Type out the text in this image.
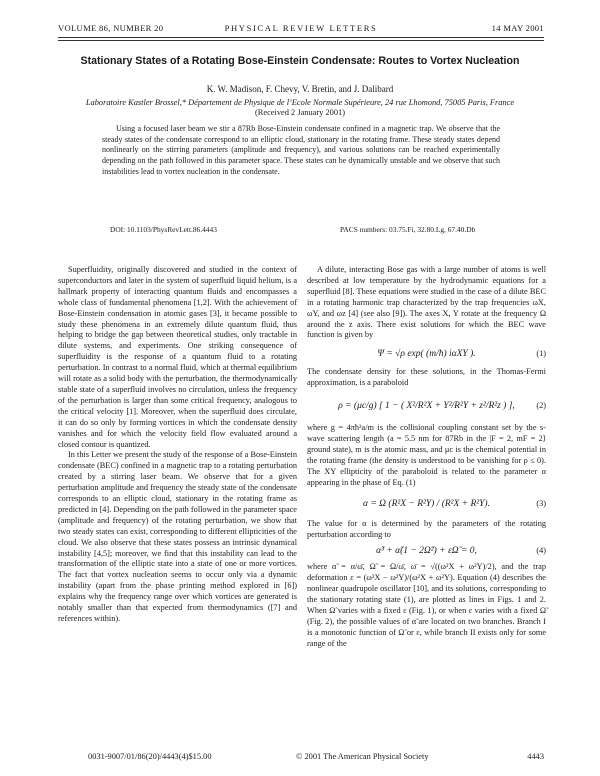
VOLUME 86, NUMBER 20	PHYSICAL REVIEW LETTERS	14 MAY 2001
Stationary States of a Rotating Bose-Einstein Condensate: Routes to Vortex Nucleation
K. W. Madison, F. Chevy, V. Bretin, and J. Dalibard
Laboratoire Kastler Brossel,* Département de Physique de l’Ecole Normale Supérieure, 24 rue Lhomond, 75005 Paris, France
(Received 2 January 2001)
Using a focused laser beam we stir a 87Rb Bose-Einstein condensate confined in a magnetic trap. We observe that the steady states of the condensate correspond to an elliptic cloud, stationary in the rotating frame. These steady states depend nonlinearly on the stirring parameters (amplitude and frequency), and various solutions can be reached experimentally depending on the path followed in this parameter space. These states can be dynamically unstable and we observe that such instabilities lead to vortex nucleation in the condensate.
DOI: 10.1103/PhysRevLett.86.4443	PACS numbers: 03.75.Fi, 32.80.Lg, 67.40.Db

Superfluidity, originally discovered and studied in the context of superconductors and later in the system of superfluid liquid helium, is a hallmark property of interacting quantum fluids and encompasses a whole class of fundamental phenomena [1,2]. With the achievement of Bose-Einstein condensation in atomic gases [3], it became possible to study these phenomena in an extremely dilute quantum fluid, thus helping to bridge the gap between theoretical studies, only tractable in dilute systems, and experiments. One striking consequence of superfluidity is the response of a quantum fluid to a rotating perturbation. In contrast to a normal fluid, which at thermal equilibrium will rotate as a solid body with the perturbation, the thermodynamically stable state of a superfluid involves no circulation, unless the frequency of the perturbation is larger than some critical frequency, analogous to the critical velocity [1]. Moreover, when the superfluid does circulate, it can do so only by forming vortices in which the condensate density vanishes and for which the velocity field flow evaluated around a closed contour is quantized.

In this Letter we present the study of the response of a Bose-Einstein condensate (BEC) confined in a magnetic trap to a rotating perturbation created by a stirring laser beam. We observe that for a given perturbation amplitude and frequency the steady state of the condensate corresponds to an elliptic cloud, stationary in the rotating frame as predicted in [4]. Depending on the path followed in the parameter space (amplitude and frequency) of the rotating perturbation, we show that two steady states can exist, corresponding to different ellipticities of the cloud. We also observe that these states possess an intrinsic dynamical instability [4,5]; moreover, we find that this instability can lead to the transformation of the elliptic state into a state of one or more vortices. The fact that vortex nucleation seems to occur only via a dynamic instability (apart from the phase printing method explored in [6]) explains why the frequency range over which vortices are generated is notably smaller than that expected from thermodynamics ([7] and references within).

A dilute, interacting Bose gas with a large number of atoms is well described at low temperature by the hydrodynamic equations for a superfluid [8]. These equations were studied in the case of a dilute BEC in a rotating harmonic trap characterized by the trap frequencies ωX, ωY, and ωz [4] (see also [9]). The axes X, Y rotate at the frequency Ω around the z axis. There exist solutions for which the BEC wave function is given by

Ψ = √ρ exp( (m/ħ) iαXY ).	(1)

The condensate density for these solutions, in the Thomas-Fermi approximation, is a paraboloid

ρ = (μc/g) [ 1 − ( X²/R²X + Y²/R²Y + z²/R²z ) ],	(2)

where g = 4πħ²a/m is the collisional coupling constant set by the s-wave scattering length (a = 5.5 nm for 87Rb in the |F = 2, mF = 2⟩ ground state), m is the atomic mass, and μc is the chemical potential in the rotating frame (the density is understood to be vanishing for ρ ≤ 0). The XY ellipticity of the paraboloid is related to the parameter α appearing in the phase of Eq. (1)

α = Ω (R²X − R²Y) / (R²X + R²Y).	(3)

The value for α is determined by the parameters of the rotating perturbation according to

α̃³ + α̃(1 − 2Ω̃²) + εΩ̃ = 0,	(4)

where α̃ = α/ω̄, Ω̃ = Ω/ω̄, ω̄ = √((ω²X + ω²Y)/2), and the trap deformation ε = (ω²X − ω²Y)/(ω²X + ω²Y). Equation (4) describes the nonlinear quadrupole oscillator [10], and its solutions, corresponding to the stationary rotating state (1), are plotted as lines in Figs. 1 and 2. When Ω̃ varies with a fixed ε (Fig. 1), or when ε varies with a fixed Ω̃ (Fig. 2), the possible values of α̃ are located on two branches. Branch I is a monotonic function of Ω̃ or ε, while branch II exists only for some range of the

0031-9007/01/86(20)/4443(4)$15.00	© 2001 The American Physical Society	4443
